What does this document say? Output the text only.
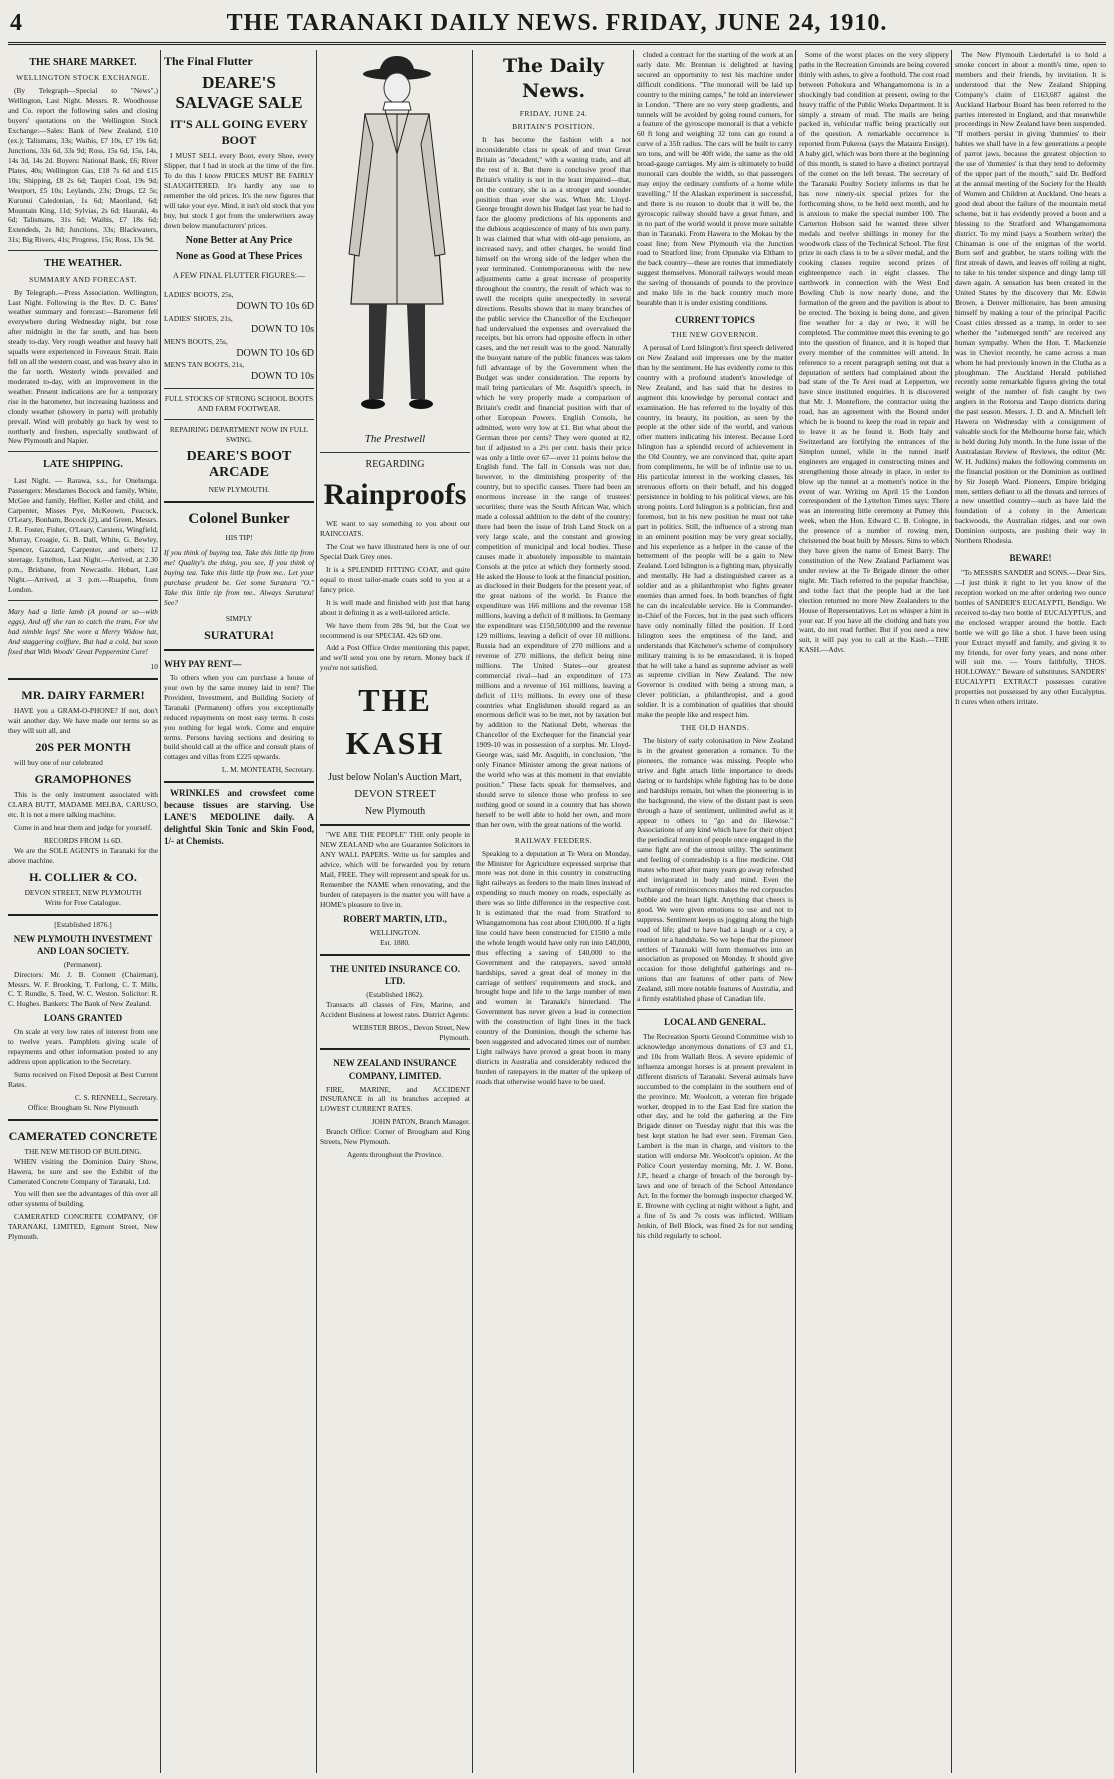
4	THE TARANAKI DAILY NEWS. FRIDAY, JUNE 24, 1910.
THE SHARE MARKET.
WELLINGTON STOCK EXCHANGE.

(By Telegraph—Special to "News".) Wellington, Last Night. Messrs. R. Woodhouse and Co. report the following sales and closing buyers' quotations on the Wellington Stock Exchange:—Sales: Bank of New Zealand, £10 (ex.); Talismans, 33s; Waihis, £7 10s, £7 19s 6d; Junctions, 33s 6d, 33s 9d; Ross, 15s 6d, 15s, 14s, 14s 3d, 14s 2d. Buyers: National Bank, £6; River Plates, 40s; Wellington Gas, £18 7s 6d and £15 10s; Shipping, £8 2s 6d; Taupiri Coal, 19s 9d; Westport, £5 10s; Leylands, 23s; Drugs, £2 5s; Kurunui Caledonian, 1s 6d; Maoriland, 6d; Mountain King, 11d; Sylvias, 2s 6d; Hauraki, 4s 6d; Talismans, 31s 6d; Waihis, £7 18s 6d; Extendeds, 2s 8d; Junctions, 33s; Blackwaters, 31s; Big Rivers, 41s; Progress, 15s; Ross, 13s 9d.

THE WEATHER.
SUMMARY AND FORECAST.

By Telegraph.—Press Association. Wellington, Last Night. Following is the Rev. D. C. Bates' weather summary and forecast:—Barometer fell everywhere during Wednesday night, but rose after midnight in the far south, and has been steady to-day. Very rough weather and heavy hail squalls were experienced in Foveaux Strait. Rain fell on all the western coast, and was heavy also in the far north. Westerly winds prevailed and moderated to-day, with an improvement in the weather. Present indications are for a temporary rise in the barometer, but increasing haziness and cloudy weather (showery in parts) will probably prevail. Wind will probably go back by west to northerly and freshen, especially southward of New Plymouth and Napier.

LATE SHIPPING.

Last Night. — Rarawa, s.s., for Onehunga. Passengers: Mesdames Bocock and family, White, McGee and family, Heflier, Keller and child, and Carpenter, Misses Pye, McKeown, Peacock, O'Leary, Bonham, Bocock (2), and Green, Messrs. J. R. Foster, Fisher, O'Leary, Carstens, Wingfield, Murray, Croagie, G. B. Dall, White, G. Bewley, Spencer, Gazzard, Carpenter, and others; 12 steerage. Lyttelton, Last Night.—Arrived, at 2.30 p.m., Brisbane, from Newcastle. Hobart, Last Night.—Arrived, at 3 p.m.—Ruapehu, from London.

Mary had a little lamb (A pound or so—with eggs), And off she ran to catch the tram, For she had nimble legs! She wore a Merry Widow hat, And staggering coiffure, But had a cold, but soon fixed that With Woods' Great Peppermint Cure!

10
MR. DAIRY FARMER!

HAVE you a GRAM-O-PHONE? If not, don't wait another day. We have made our terms so as they will suit all, and

20S PER MONTH

will buy one of our celebrated

GRAMOPHONES

This is the only instrument associated with CLARA BUTT, MADAME MELBA, CARUSO, etc. It is not a mere talking machine.

Come in and hear them and judge for yourself.

RECORDS FROM 1s 6D.

We are the SOLE AGENTS in Taranaki for the above machine.

H. COLLIER & CO.
DEVON STREET, NEW PLYMOUTH
Write for Free Catalogue.
[Established 1876.]
NEW PLYMOUTH INVESTMENT AND LOAN SOCIETY.
(Permanent).

Directors: Mr. J. B. Connett (Chairman), Messrs. W. F. Brooking, T. Furlong, C. T. Mills, C. T. Rundle, S. Teed, W. C. Weston. Solicitor: R. C. Hughes. Bankers: The Bank of New Zealand.

LOANS GRANTED

On scale at very low rates of interest from one to twelve years. Pamphlets giving scale of repayments and other information posted to any address upon application to the Secretary.

Sums received on Fixed Deposit at Best Current Rates.

C. S. RENNELL, Secretary.
Office: Brougham St. New Plymouth
CAMERATED CONCRETE
THE NEW METHOD OF BUILDING.

WHEN visiting the Dominion Dairy Show, Hawera, be sure and see the Exhibit of the Camerated Concrete Company of Taranaki, Ltd.

You will then see the advantages of this over all other systems of building.

CAMERATED CONCRETE COMPANY, OF TARANAKI, LIMITED, Egmont Street, New Plymouth.

The Final Flutter
DEARE'S SALVAGE SALE
IT'S ALL GOING EVERY BOOT

I MUST SELL every Boot, every Shoe, every Slipper, that I had in stock at the time of the fire. To do this I know PRICES MUST BE FAIRLY SLAUGHTERED. It's hardly any use to remember the old prices. It's the new figures that will take your eye. Mind, it isn't old stock that you buy, but stock I got from the underwriters away down below manufacturers' prices.

None Better at Any Price
None as Good at These Prices
A FEW FINAL FLUTTER FIGURES:—
LADIES' BOOTS, 25s,
DOWN TO 10s 6D
LADIES' SHOES, 21s,
DOWN TO 10s
MEN'S BOOTS, 25s,
DOWN TO 10s 6D
MEN'S TAN BOOTS, 21s,
DOWN TO 10s
FULL STOCKS OF STRONG SCHOOL BOOTS AND FARM FOOTWEAR.
REPAIRING DEPARTMENT NOW IN FULL SWING.
DEARE'S BOOT ARCADE
NEW PLYMOUTH.
Colonel Bunker
HIS TIP!

If you think of buying tea, Take this little tip from me! Quality's the thing, you see, If you think of buying tea. Take this little tip from me.. Let your purchase prudent be. Get some Suratura "O." Take this little tip from me.. Always Suratura! See?

SIMPLY
SURATURA!
WHY PAY RENT—

To others when you can purchase a house of your own by the same money laid in rent? The Provident, Investment, and Building Society of Taranaki (Permanent) offers you exceptionally reduced repayments on most easy terms. It costs you nothing for legal work. Come and enquire terms. Persons having sections and desiring to build should call at the office and consult plans of cottages and villas from £225 upwards.

L. M. MONTEATH, Secretary.

WRINKLES and crowsfeet come because tissues are starving. Use LANE'S MEDOLINE daily. A delightful Skin Tonic and Skin Food, 1/- at Chemists.

The Prestwell
REGARDING
Rainproofs

WE want to say something to you about our RAINCOATS.

The Coat we have illustrated here is one of our Special Dark Grey ones.

It is a SPLENDID FITTING COAT, and quite equal to most tailor-made coats sold to you at a fancy price.

It is well made and finished with just that hang about it defining it as a well-tailored article.

We have them from 28s 9d, but the Coat we recommend is our SPECIAL 42s 6D one.

Add a Post Office Order mentioning this paper, and we'll send you one by return. Money back if you're not satisfied.

THE KASH
Just below Nolan's Auction Mart,
DEVON STREET
New Plymouth

"WE ARE THE PEOPLE" THE only people in NEW ZEALAND who are Guarantee Solicitors in ANY WALL PAPERS. Write us for samples and advice, which will be forwarded you by return Mail, FREE. They will represent and speak for us. Remember the NAME when renovating, and the burden of ratepayers is the matter you will have a HOME's pleasure to live in.

ROBERT MARTIN, LTD.,
WELLINGTON.
Est. 1880.
THE UNITED INSURANCE CO. LTD.
(Established 1862).

Transacts all classes of Fire, Marine, and Accident Business at lowest rates. District Agents:

WEBSTER BROS., Devon Street, New Plymouth.
NEW ZEALAND INSURANCE COMPANY, LIMITED.

FIRE, MARINE, and ACCIDENT INSURANCE in all its branches accepted at LOWEST CURRENT RATES.

JOHN PATON, Branch Manager.

Branch Office: Corner of Brougham and King Streets, New Plymouth.

Agents throughout the Province.
The Daily News.
FRIDAY, JUNE 24.
BRITAIN'S POSITION.

It has become the fashion with a not inconsiderable class to speak of and treat Great Britain as "decadent," with a waning trade, and all the rest of it. But there is conclusive proof that Britain's vitality is not in the least impaired—that, on the contrary, she is as a stronger and sounder position than ever she was. When Mr. Lloyd-George brought down his Budget last year he had to face the gloomy predictions of his opponents and the dubious acquiescence of many of his own party. It was claimed that what with old-age pensions, an increased navy, and other charges, he would find himself on the wrong side of the ledger when the year terminated. Contemporaneous with the new adjustments came a great increase of prosperity throughout the country, the result of which was to swell the receipts quite unexpectedly in several directions. Results shown that in many branches of the public service the Chancellor of the Exchequer had undervalued the expenses and overvalued the receipts, but his errors had opposite effects in other cases, and the net result was to the good. Naturally the buoyant nature of the public finances was taken full advantage of by the Government when the Budget was under consideration. The reports by mail bring particulars of Mr. Asquith's speech, in which he very properly made a comparison of Britain's credit and financial position with that of other European Powers. English Consols, he admitted, were very low at £1. But what about the German three per cents? They were quoted at 82, but if adjusted to a 2½ per cent. basis their price was only a little over 67—over 11 points below the English fund. The fall in Consols was not due, however, to the diminishing prosperity of the country, but to specific causes. There had been an enormous increase in the range of trustees' securities; there was the South African War, which made a colossal addition to the debt of the country; there had been the issue of Irish Land Stock on a very large scale, and the constant and growing competition of municipal and local bodies. These causes made it absolutely impossible to maintain Consols at the price at which they formerly stood. He asked the House to look at the financial position, as disclosed in their Budgets for the present year, of the great nations of the world. In France the expenditure was 166 millions and the revenue 158 millions, leaving a deficit of 8 millions. In Germany the expenditure was £150,500,000 and the revenue 129 millions, leaving a deficit of over 10 millions. Russia had an expenditure of 270 millions and a revenue of 270 millions, the deficit being nine millions. The United States—our greatest commercial rival—had an expenditure of 173 millions and a revenue of 161 millions, leaving a deficit of 11½ millions. In every one of these countries what Englishmen should regard as an enormous deficit was to be met, not by taxation but by addition to the National Debt, whereas the Chancellor of the Exchequer for the financial year 1909-10 was in possession of a surplus. Mr. Lloyd-George was, said Mr. Asquith, in conclusion, "the only Finance Minister among the great nations of the world who was at this moment in that enviable position." These facts speak for themselves, and should serve to silence those who profess to see nothing good or sound in a country that has shown herself to be well able to hold her own, and more than her own, with the great nations of the world.

RAILWAY FEEDERS.

Speaking to a deputation at Te Wera on Monday, the Minister for Agriculture expressed surprise that more was not done in this country in constructing light railways as feeders to the main lines instead of expending so much money on roads, especially as there was so little difference in the respective cost. It is estimated that the road from Stratford to Whangamomona has cost about £300,000. If a light line could have been constructed for £1500 a mile the whole length would have only run into £40,000, thus effecting a saving of £40,000 to the Government and the ratepayers, saved untold hardships, saved a great deal of money in the carriage of settlers' requirements and stock, and brought hope and life to the large number of men and women in Taranaki's hinterland. The Government has never given a lead in connection with the construction of light lines in the back country of the Dominion, though the scheme has been suggested and advocated times out of number. Light railways have proved a great boon in many districts in Australia and considerably reduced the burden of ratepayers in the matter of the upkeep of roads that otherwise would have to be used.

cluded a contract for the starting of the work at an early date. Mr. Brennan is delighted at having secured an opportunity to test his machine under difficult conditions. "The monorail will be laid up country to the mining camps," he told an interviewer in London. "There are no very steep gradients, and tunnels will be avoided by going round corners, for a feature of the gyroscope monorail is that a vehicle 60 ft long and weighing 32 tons can go round a curve of a 35ft radius. The cars will be built to carry ten tons, and will be 40ft wide, the same as the old broad-gauge carriages. My aim is ultimately to build monorail cars double the width, so that passengers may enjoy the ordinary comforts of a home while travelling." If the Alaskan experiment is successful, and there is no reason to doubt that it will be, the gyroscopic railway should have a great future, and in no part of the world would it prove more suitable than in Taranaki. From Hawera to the Mokau by the coast line; from New Plymouth via the Junction road to Stratford line; from Opunake via Eltham to the back country—these are routes that immediately suggest themselves. Monorail railways would mean the saving of thousands of pounds to the province and make life in the back country much more bearable than it is under existing conditions.

CURRENT TOPICS
THE NEW GOVERNOR.

A perusal of Lord Islington's first speech delivered on New Zealand soil impresses one by the matter than by the sentiment. He has evidently come to this country with a profound student's knowledge of New Zealand, and has said that he desires to augment this knowledge by personal contact and examination. He has referred to the loyalty of this country, its beauty, its position, as seen by the people at the other side of the world, and various other matters indicating his interest. Because Lord Islington has a splendid record of achievement in the Old Country, we are convinced that, quite apart from compliments, he will be of infinite use to us. His particular interest in the working classes, his strenuous efforts on their behalf, and his dogged persistence in holding to his political views, are his strong points. Lord Islington is a politician, first and foremost, but in his new position he must not take part in politics. Still, the influence of a strong man in an eminent position may be very great socially, and his experience as a helper in the cause of the betterment of the people will be a gain to New Zealand. Lord Islington is a fighting man, physically and mentally. He had a distinguished career as a soldier and as a philanthropist who fights greater enemies than armed foes. In both branches of fight he can do incalculable service. He is Commander-in-Chief of the Forces, but in the past such officers have only nominally filled the position. If Lord Islington sees the emptiness of the land, and understands that Kitchener's scheme of compulsory military training is to be emasculated, it is hoped that he will take a hand as supreme adviser as well as supreme civilian in New Zealand. The new Governor is credited with being a strong man, a clever politician, a philanthropist, and a good soldier. It is a combination of qualities that should make the people like and respect him.

THE OLD HANDS.

The history of early colonisation in New Zealand is in the greatest generation a romance. To the pioneers, the romance was missing. People who strive and fight attach little importance to deeds daring or to hardships while fighting has to be done and hardships remain, but when the pioneering is in the background, the view of the distant past is seen through a haze of sentiment, unlimited awful as it appear to others to "go and do likewise." Associations of any kind which have for their object the periodical reunion of people once engaged in the same fight are of the utmost utility. The sentiment and feeling of comradeship is a fine medicine. Old mates who meet after many years go away refreshed and invigorated in body and mind. Even the exchange of reminiscences makes the red corpuscles bubble and the heart light. Anything that cheers is good. We were given emotions to use and not to suppress. Sentiment keeps us jogging along the high road of life; glad to have had a laugh or a cry, a reunion or a handshake. So we hope that the pioneer settlers of Taranaki will form themselves into an association as proposed on Monday. It should give occasion for those delightful gatherings and re-unions that are features of other parts of New Zealand, still more notable features of Australia, and a firmly established phase of Canadian life.

LOCAL AND GENERAL.

The Recreation Sports Ground Committee wish to acknowledge anonymous donations of £3 and £1, and 10s from Wallath Bros. A severe epidemic of influenza amongst horses is at present prevalent in different districts of Taranaki. Several animals have succumbed to the complaint in the southern end of the province. Mr. Woolcott, a veteran fire brigade worker, dropped in to the East End fire station the other day, and he told the gathering at the Fire Brigade dinner on Tuesday night that this was the best kept station he had ever seen. Fireman Geo. Lambert is the man in charge, and visitors to the station will endorse Mr. Woolcott's opinion. At the Police Court yesterday morning, Mr. J. W. Bone, J.P., heard a charge of breach of the borough by-laws and one of breach of the School Attendance Act. In the former the borough inspector charged W. E. Browne with cycling at night without a light, and a fine of 5s and 7s costs was inflicted. William Jenkin, of Bell Block, was fined 2s for not sending his child regularly to school.

Some of the worst places on the very slippery paths in the Recreation Grounds are being covered thinly with ashes, to give a foothold. The cost road between Pohokura and Whangamomona is in a shockingly bad condition at present, owing to the heavy traffic of the Public Works Department. It is simply a stream of mud. The mails are being packed in, vehicular traffic being practically out of the question. A remarkable occurrence is reported from Pukeroa (says the Mataura Ensign). A baby girl, which was born there at the beginning of this month, is stated to have a distinct portrayal of the comet on the left breast. The secretary of the Taranaki Poultry Society informs us that he has now ninety-six special prizes for the forthcoming show, to be held next month, and he is anxious to make the special number 100. The Carterton Hobson said he wanted three silver medals and twelve shillings in money for the woodwork class of the Technical School. The first prize in each class is to be a silver medal, and the cooking classes require second prizes of eighteenpence each in eight classes. The earthwork in connection with the West End Bowling Club is now nearly done, and the formation of the green and the pavilion is about to be erected. The boxing is being done, and given fine weather for a day or two, it will be completed. The committee meet this evening to go into the question of finance, and it is hoped that every member of the committee will attend. In reference to a recent paragraph setting out that a deputation of settlers had complained about the bad state of the Te Arei road at Lepperton, we have since instituted enquiries. It is discovered that Mr. J. Montefiore, the contractor using the road, has an agreement with the Bound under which he is bound to keep the road in repair and to leave it as he found it. Both Italy and Switzerland are fortifying the entrances of the Simplon tunnel, while in the tunnel itself engineers are engaged in constructing mines and strengthening those already in place, in order to blow up the tunnel at a moment's notice in the event of war. Writing on April 15 the London correspondent of the Lyttelton Times says: There was an interesting little ceremony at Putney this week, when the Hon. Edward C. B. Cologne, in the presence of a number of rowing men, christened the boat built by Messrs. Sims to which they have given the name of Ernest Barry. The constitution of the New Zealand Parliament was under review at the Te Brigade dinner the other night. Mr. Tisch referred to the popular franchise, and tothe fact that the people had at the last election returned no more New Zealanders to the House of Representatives. Let us whisper a hint in your ear. If you have all the clothing and hats you want, do not read further. But if you need a new suit, it will pay you to call at the Kash.—THE KASH.—Advt.

The New Plymouth Liedertafel is to hold a smoke concert in about a month's time, open to members and their friends, by invitation. It is understood that the New Zealand Shipping Company's claim of £163,687 against the Auckland Harbour Board has been referred to the parties interested in England, and that meanwhile proceedings in New Zealand have been suspended. "If mothers persist in giving 'dummies' to their babies we shall have in a few generations a people of parrot jaws, because the greatest objection to the use of 'dummies' is that they tend to deformity of the upper part of the mouth," said Dr. Bedford at the annual meeting of the Society for the Health of Women and Children at Auckland. One hears a good deal about the failure of the mountain metal scheme, but it has evidently proved a boon and a blessing to the Stratford and Whangamomona district. To my mind (says a Southern writer) the Chinaman is one of the enigmas of the world. Born serf and grabber, he starts toiling with the first streak of dawn, and leaves off toiling at night, to take to his tender sixpence and dingy lamp till dawn again. A sensation has been created in the United States by the discovery that Mr. Edwin Brown, a Denver millionaire, has been amusing himself by making a tour of the principal Pacific Coast cities dressed as a tramp, in order to see whether the "submerged tenth" are received any human sympathy. When the Hon. T. Mackenzie was in Cheviot recently, he came across a man whom he had previously known in the Clutha as a ploughman. The Auckland Herald published recently some remarkable figures giving the total weight of the number of fish caught by two anglers in the Rotorua and Taupo districts during the past season. Messrs. J. D. and A. Mitchell left Hawera on Wednesday with a consignment of valuable stock for the Melbourne horse fair, which is held during July month. In the June issue of the Australasian Review of Reviews, the editor (Mr. W. H. Judkins) makes the following comments on the financial position or the Dominion as outlined by Sir Joseph Ward. Pioneers, Empire bridging men, settlers defiant to all the threats and terrors of a new unsettled country—such as have laid the foundation of a colony in the American backwoods, the Australian ridges, and our own Dominion outposts, are pushing their way in Northern Rhodesia.

BEWARE!

"To MESSRS SANDER and SONS.—Dear Sirs,—I just think it right to let you know of the reception worked on me after ordering two ounce bottles of SANDER'S EUCALYPTI, Bendigo. We received to-day two bottle of EUCALYPTUS, and the enclosed wrapper around the bottle. Each bottle we will go like a shot. I have been using your Extract myself and family, and giving it to my friends, for over forty years, and none other will suit me. — Yours faithfully, THOS. HOLLOWAY." Beware of substitutes. SANDERS' EUCALYPTI EXTRACT possesses curative properties not possessed by any other Eucalyptus. It cures when others irritate.
